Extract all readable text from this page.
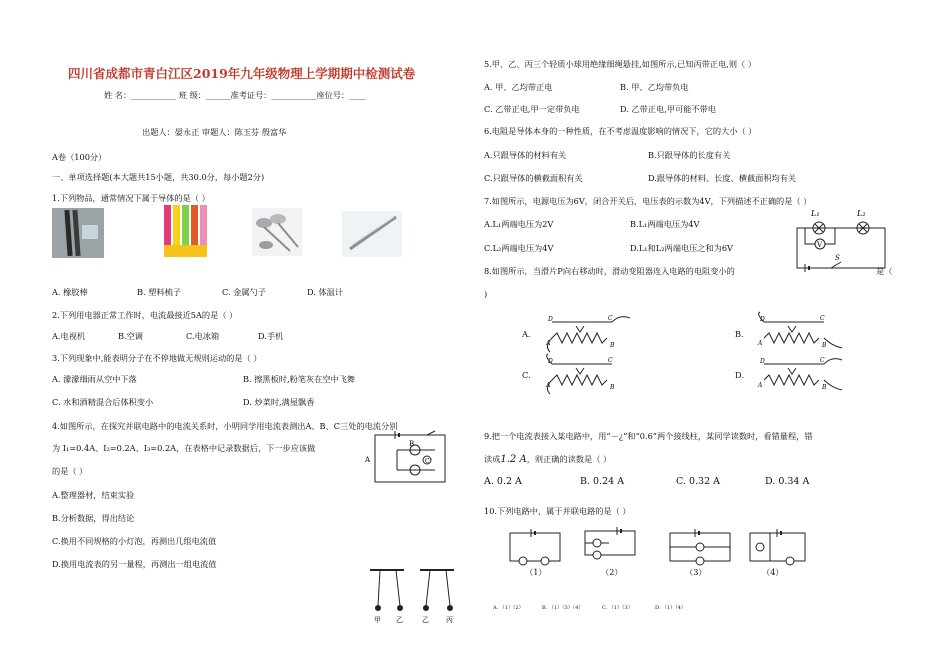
四川省成都市青白江区2019年九年级物理上学期期中检测试卷
姓 名：___________ 班 级：______准考证号：___________座位号：____
出题人：晏永正 审题人：陈玉芬 殷富华
A卷（100分）
一、单项选择题(本大题共15小题，共30.0分，每小题2分)
1.下列物品，通常情况下属于导体的是（ ）
A. 橡胶棒	B. 塑料梳子	C. 金属勺子	D. 体温计
2.下列用电器正常工作时，电流最接近5A的是（ ）
A.电视机	B.空调	C.电冰箱	D.手机
3.下列现象中,能表明分子在不停地做无规则运动的是（ ）
A. 濛濛细雨从空中下落	B. 擦黑板时,粉笔灰在空中飞舞
C. 水和酒精混合后体积变小	D. 炒菜时,满屋飘香
4.如图所示，在探究并联电路中的电流关系时，小明同学用电流表测出A、B、C三处的电流分别
为 I₁=0.4A、I₂=0.2A、I₃=0.2A，在表格中记录数据后，下一步应该做
的是（ ）
A
B
C
A.整理器材，结束实验
B.分析数据，得出结论
C.换用不同规格的小灯泡，再测出几组电流值
D.换用电流表的另一量程，再测出一组电流值
甲 乙	乙 丙
5.甲、乙、丙三个轻质小球用绝缘细绳悬挂,如图所示,已知丙带正电,则（ ）
A. 甲、乙均带正电	B. 甲、乙均带负电
C. 乙带正电,甲一定带负电	D. 乙带正电,甲可能不带电
6.电阻是导体本身的一种性质，在不考虑温度影响的情况下，它的大小（ ）
A.只跟导体的材料有关	B.只跟导体的长度有关
C.只跟导体的横截面积有关	D.跟导体的材料、长度、横截面积均有关
7.如图所示，电源电压为6V，闭合开关后，电压表的示数为4V，下列描述不正确的是（ ）
A.L₁两端电压为2V	B.L₁两端电压为4V
C.L₂两端电压为4V	D.L₁和L₂两端电压之和为6V	V
L₁	L₂
S
8.如图所示，当滑片P向右移动时，滑动变阻器连入电路的电阻变小的	是（
)
A．	B．
C．	D．
D	C
A	B
D	C
A	B
D	C
A	B
D	C
A	B
9.把一个电流表接入某电路中，用“－¿”和“0.6”两个接线柱，某同学读数时，看错量程，错
读成1.2 A，则正确的读数是（ ）
A. 0.2 A	B. 0.24 A	C. 0.32 A	D. 0.34 A
10.下列电路中，属于并联电路的是（ ）
（1）	（2）	（3）	（4）
A. （1）（2）	B. （1）（3）（4）	C. （1）（3）	D. （1）（4）
